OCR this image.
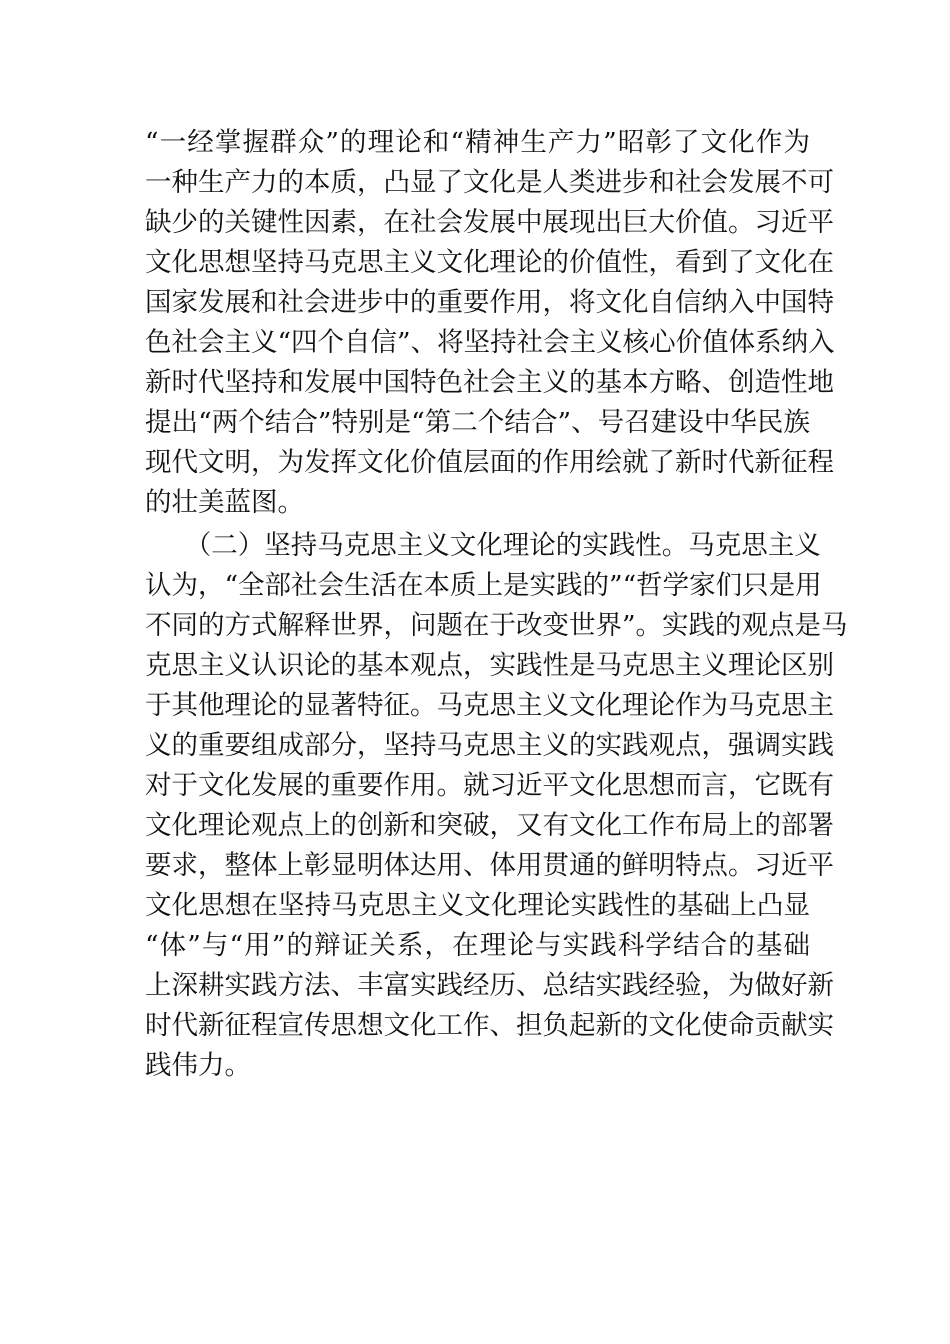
“一经掌握群众”的理论和“精神生产力”昭彰了文化作为
一种生产力的本质，凸显了文化是人类进步和社会发展不可
缺少的关键性因素，在社会发展中展现出巨大价值。习近平
文化思想坚持马克思主义文化理论的价值性，看到了文化在
国家发展和社会进步中的重要作用，将文化自信纳入中国特
色社会主义“四个自信”、将坚持社会主义核心价值体系纳入
新时代坚持和发展中国特色社会主义的基本方略、创造性地
提出“两个结合”特别是“第二个结合”、号召建设中华民族
现代文明，为发挥文化价值层面的作用绘就了新时代新征程
的壮美蓝图。
　　（二）坚持马克思主义文化理论的实践性。马克思主义
认为，“全部社会生活在本质上是实践的”“哲学家们只是用
不同的方式解释世界，问题在于改变世界”。实践的观点是马
克思主义认识论的基本观点，实践性是马克思主义理论区别
于其他理论的显著特征。马克思主义文化理论作为马克思主
义的重要组成部分，坚持马克思主义的实践观点，强调实践
对于文化发展的重要作用。就习近平文化思想而言，它既有
文化理论观点上的创新和突破，又有文化工作布局上的部署
要求，整体上彰显明体达用、体用贯通的鲜明特点。习近平
文化思想在坚持马克思主义文化理论实践性的基础上凸显
“体”与“用”的辩证关系，在理论与实践科学结合的基础
上深耕实践方法、丰富实践经历、总结实践经验，为做好新
时代新征程宣传思想文化工作、担负起新的文化使命贡献实
践伟力。
